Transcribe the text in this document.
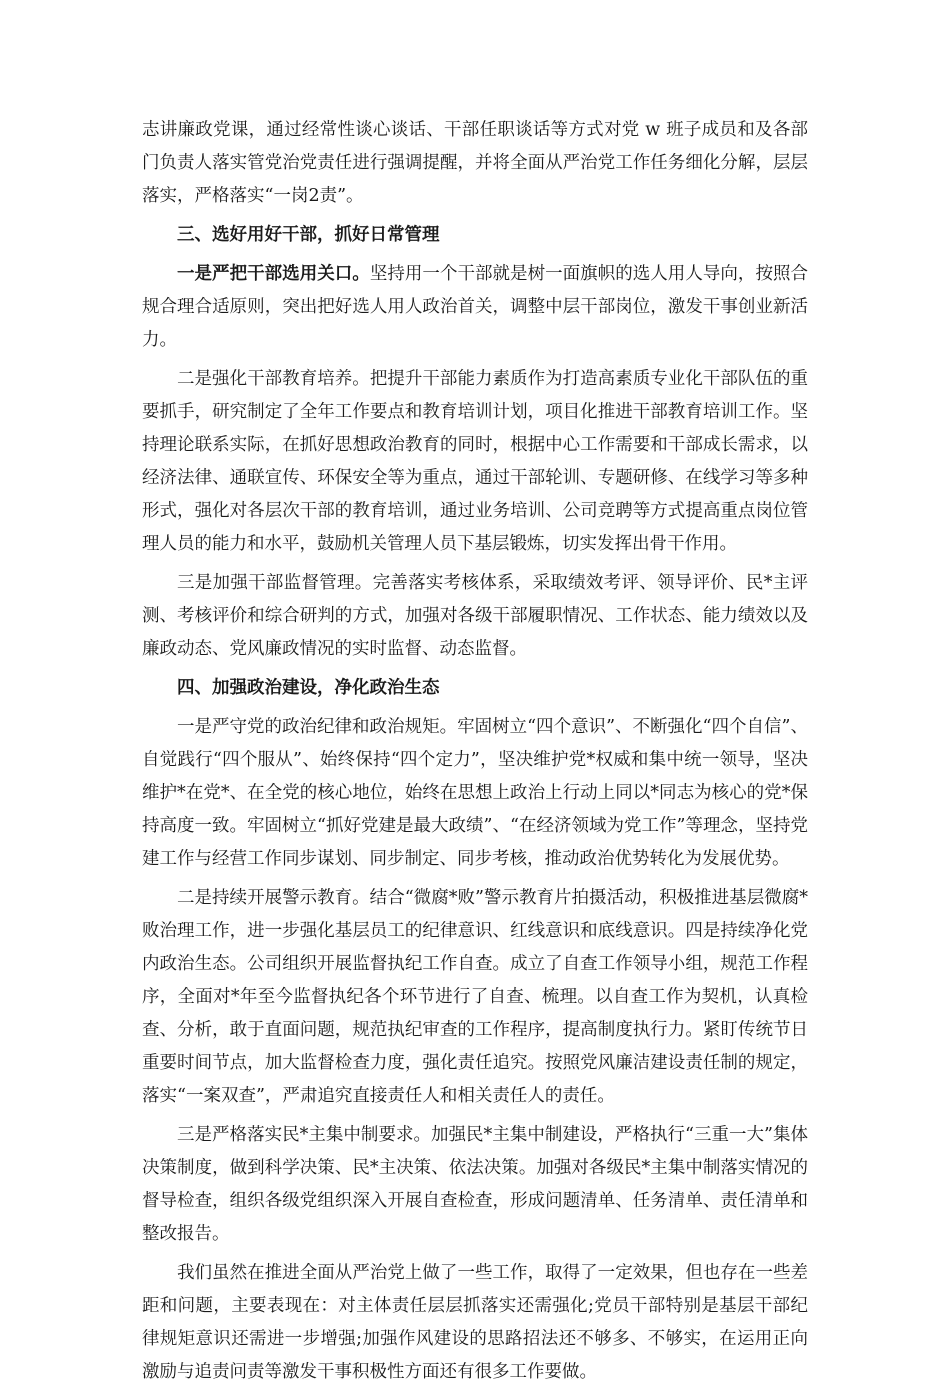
志讲廉政党课，通过经常性谈心谈话、干部任职谈话等方式对党 w 班子成员和及各部门负责人落实管党治党责任进行强调提醒，并将全面从严治党工作任务细化分解，层层落实，严格落实“一岗2责”。

三、选好用好干部，抓好日常管理

一是严把干部选用关口。坚持用一个干部就是树一面旗帜的选人用人导向，按照合规合理合适原则，突出把好选人用人政治首关，调整中层干部岗位，激发干事创业新活力。

二是强化干部教育培养。把提升干部能力素质作为打造高素质专业化干部队伍的重要抓手，研究制定了全年工作要点和教育培训计划，项目化推进干部教育培训工作。坚持理论联系实际，在抓好思想政治教育的同时，根据中心工作需要和干部成长需求，以经济法律、通联宣传、环保安全等为重点，通过干部轮训、专题研修、在线学习等多种形式，强化对各层次干部的教育培训，通过业务培训、公司竞聘等方式提高重点岗位管理人员的能力和水平，鼓励机关管理人员下基层锻炼，切实发挥出骨干作用。

三是加强干部监督管理。完善落实考核体系，采取绩效考评、领导评价、民*主评测、考核评价和综合研判的方式，加强对各级干部履职情况、工作状态、能力绩效以及廉政动态、党风廉政情况的实时监督、动态监督。

四、加强政治建设，净化政治生态

一是严守党的政治纪律和政治规矩。牢固树立“四个意识”、不断强化“四个自信”、自觉践行“四个服从”、始终保持“四个定力”，坚决维护党*权威和集中统一领导，坚决维护*在党*、在全党的核心地位，始终在思想上政治上行动上同以*同志为核心的党*保持高度一致。牢固树立“抓好党建是最大政绩”、“在经济领域为党工作”等理念，坚持党建工作与经营工作同步谋划、同步制定、同步考核，推动政治优势转化为发展优势。

二是持续开展警示教育。结合“微腐*败”警示教育片拍摄活动，积极推进基层微腐*败治理工作，进一步强化基层员工的纪律意识、红线意识和底线意识。四是持续净化党内政治生态。公司组织开展监督执纪工作自查。成立了自查工作领导小组，规范工作程序，全面对*年至今监督执纪各个环节进行了自查、梳理。以自查工作为契机，认真检查、分析，敢于直面问题，规范执纪审查的工作程序，提高制度执行力。紧盯传统节日重要时间节点，加大监督检查力度，强化责任追究。按照党风廉洁建设责任制的规定，落实“一案双查”，严肃追究直接责任人和相关责任人的责任。

三是严格落实民*主集中制要求。加强民*主集中制建设，严格执行“三重一大”集体决策制度，做到科学决策、民*主决策、依法决策。加强对各级民*主集中制落实情况的督导检查，组织各级党组织深入开展自查检查，形成问题清单、任务清单、责任清单和整改报告。

我们虽然在推进全面从严治党上做了一些工作，取得了一定效果，但也存在一些差距和问题，主要表现在：对主体责任层层抓落实还需强化;党员干部特别是基层干部纪律规矩意识还需进一步增强;加强作风建设的思路招法还不够多、不够实，在运用正向激励与追责问责等激发干事积极性方面还有很多工作要做。
